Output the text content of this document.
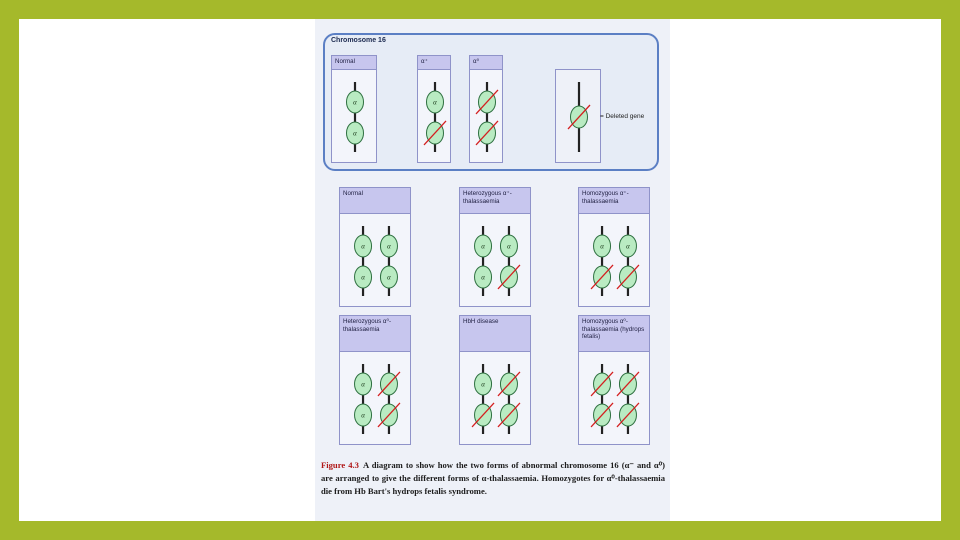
Chromosome 16
Normal
α
α
α⁺
α
α⁰
= Deleted gene
Normal
α
α
α
α
Heterozygous α⁺-thalassaemia
α
α
α
Homozygous α⁺-thalassaemia
α	α
Heterozygous α⁰-thalassaemia
α
α
HbH disease
α
Homozygous α⁰-thalassaemia (hydrops fetalis)
Figure 4.3 A diagram to show how the two forms of abnormal chromosome 16 (α⁻ and α⁰) are arranged to give the different forms of α-thalassaemia. Homozygotes for α⁰-thalassaemia die from Hb Bart's hydrops fetalis syndrome.
